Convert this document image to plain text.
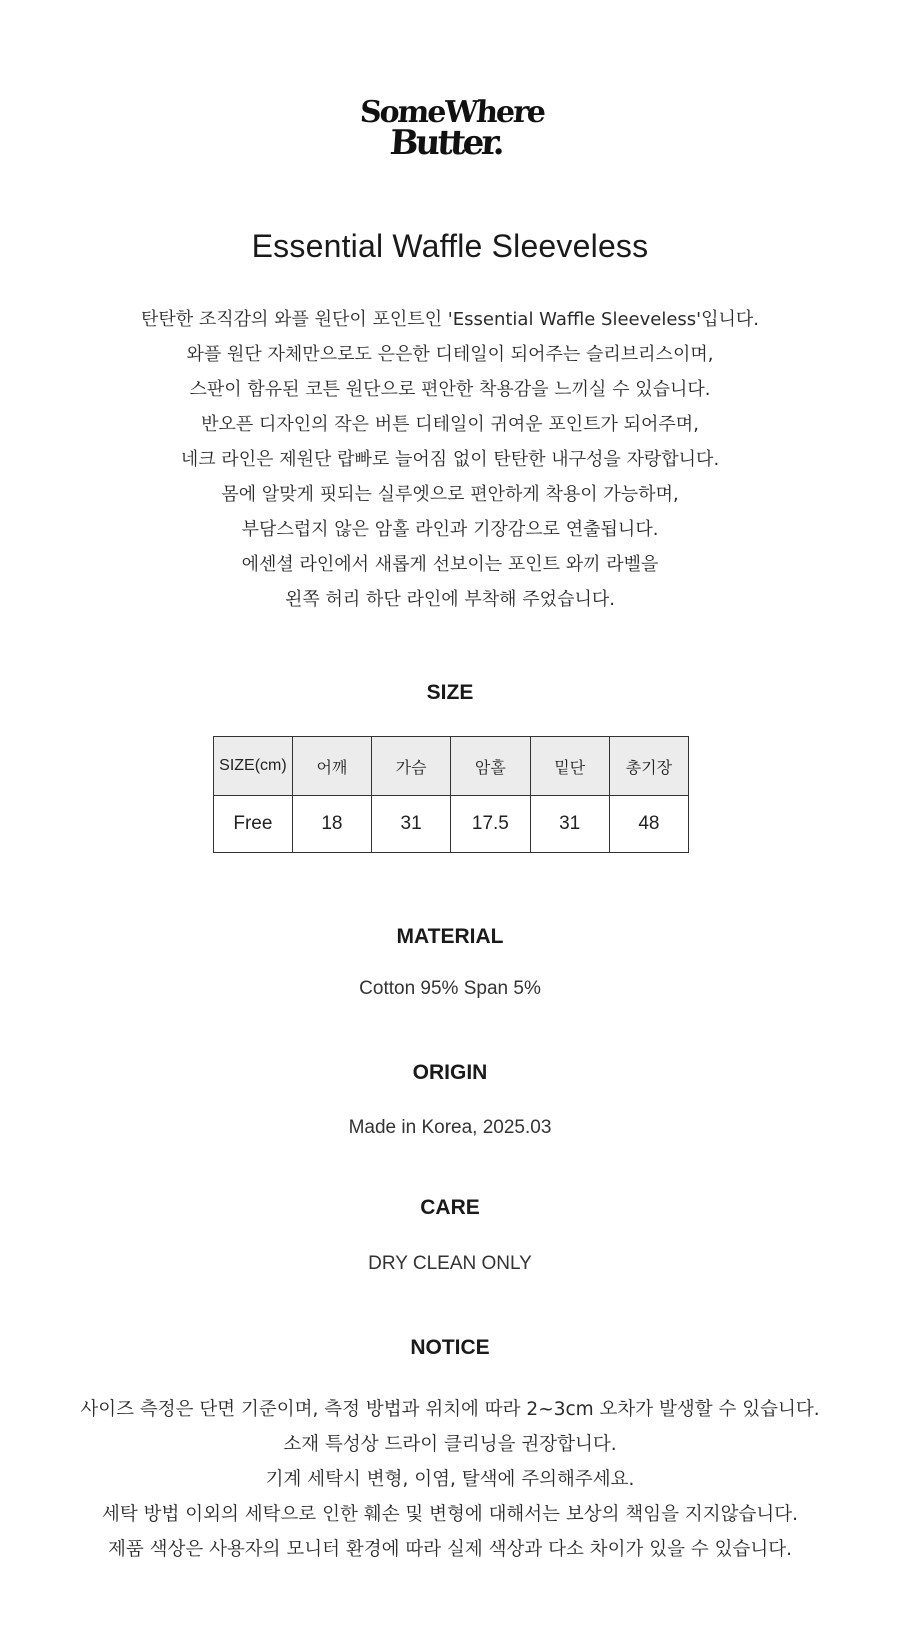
SomeWhere
Butter.
Essential Waffle Sleeveless
탄탄한 조직감의 와플 원단이 포인트인 'Essential Waffle Sleeveless'입니다.
와플 원단 자체만으로도 은은한 디테일이 되어주는 슬리브리스이며,
스판이 함유된 코튼 원단으로 편안한 착용감을 느끼실 수 있습니다.
반오픈 디자인의 작은 버튼 디테일이 귀여운 포인트가 되어주며,
네크 라인은 제원단 랍빠로 늘어짐 없이 탄탄한 내구성을 자랑합니다.
몸에 알맞게 핏되는 실루엣으로 편안하게 착용이 가능하며,
부담스럽지 않은 암홀 라인과 기장감으로 연출됩니다.
에센셜 라인에서 새롭게 선보이는 포인트 와끼 라벨을
왼쪽 허리 하단 라인에 부착해 주었습니다.
SIZE
SIZE(cm)	어깨	가슴	암홀	밑단	총기장
Free	18	31	17.5	31	48
MATERIAL
Cotton 95% Span 5%
ORIGIN
Made in Korea, 2025.03
CARE
DRY CLEAN ONLY
NOTICE
사이즈 측정은 단면 기준이며, 측정 방법과 위치에 따라 2~3cm 오차가 발생할 수 있습니다.
소재 특성상 드라이 클리닝을 권장합니다.
기계 세탁시 변형, 이염, 탈색에 주의해주세요.
세탁 방법 이외의 세탁으로 인한 훼손 및 변형에 대해서는 보상의 책임을 지지않습니다.
제품 색상은 사용자의 모니터 환경에 따라 실제 색상과 다소 차이가 있을 수 있습니다.
